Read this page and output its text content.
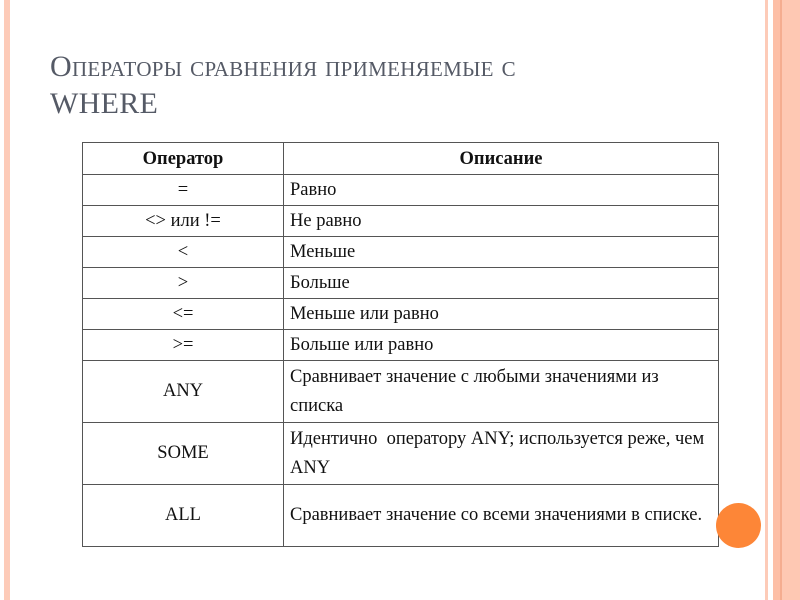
Операторы сравнения применяемые с
WHERE
Оператор	Описание
=	Равно
<> или !=	Не равно
<	Меньше
>	Больше
<=	Меньше или равно
>=	Больше или равно
ANY	Сравнивает значение с любыми значениями из списка
SOME	Идентично  оператору ANY; используется реже, чем ANY
ALL	Сравнивает значение со всеми значениями в списке.
